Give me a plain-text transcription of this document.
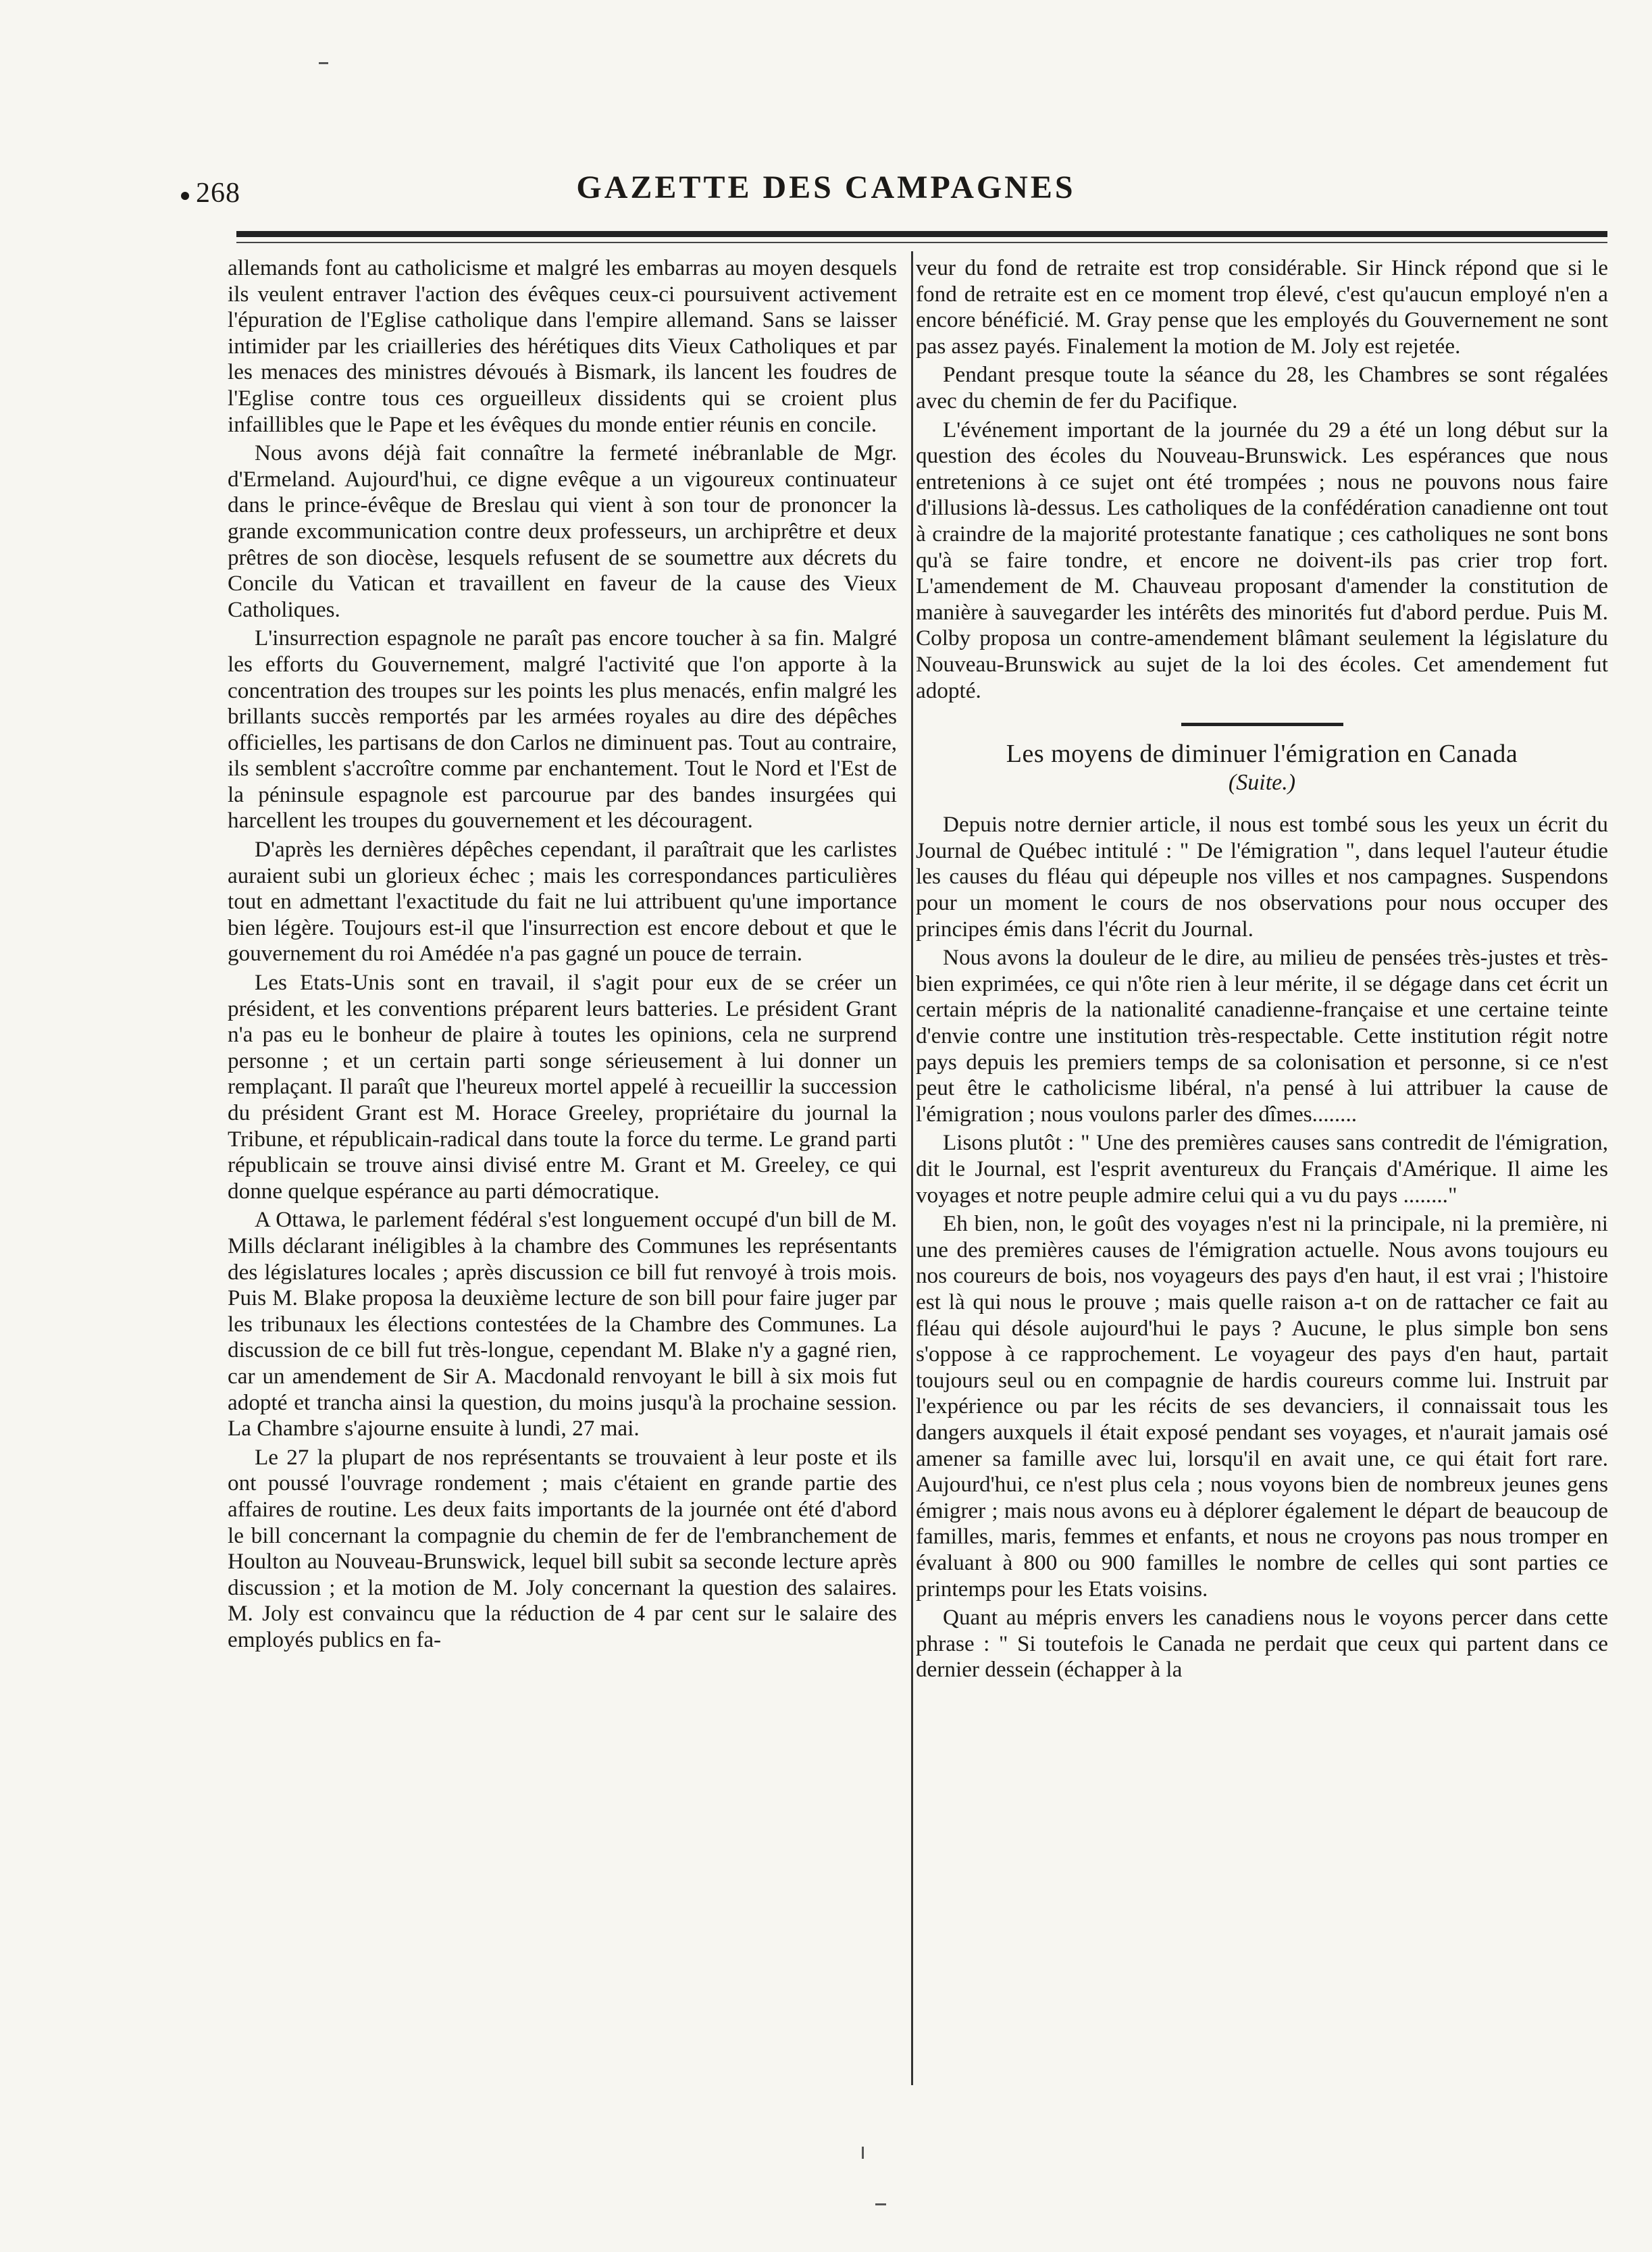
268	GAZETTE DES CAMPAGNES

allemands font au catholicisme et malgré les embarras au moyen desquels ils veulent entraver l'action des évêques ceux-ci poursuivent activement l'épuration de l'Eglise catholique dans l'empire allemand. Sans se laisser intimider par les criailleries des hérétiques dits Vieux Catholiques et par les menaces des ministres dévoués à Bismark, ils lancent les foudres de l'Eglise contre tous ces orgueilleux dissidents qui se croient plus infaillibles que le Pape et les évêques du monde entier réunis en concile.

Nous avons déjà fait connaître la fermeté inébranlable de Mgr. d'Ermeland. Aujourd'hui, ce digne evêque a un vigoureux continuateur dans le prince-évêque de Breslau qui vient à son tour de prononcer la grande excommunication contre deux professeurs, un archiprêtre et deux prêtres de son diocèse, lesquels refusent de se soumettre aux décrets du Concile du Vatican et travaillent en faveur de la cause des Vieux Catholiques.

L'insurrection espagnole ne paraît pas encore toucher à sa fin. Malgré les efforts du Gouvernement, malgré l'activité que l'on apporte à la concentration des troupes sur les points les plus menacés, enfin malgré les brillants succès remportés par les armées royales au dire des dépêches officielles, les partisans de don Carlos ne diminuent pas. Tout au contraire, ils semblent s'accroître comme par enchantement. Tout le Nord et l'Est de la péninsule espagnole est parcourue par des bandes insurgées qui harcellent les troupes du gouvernement et les découragent.

D'après les dernières dépêches cependant, il paraîtrait que les carlistes auraient subi un glorieux échec ; mais les correspondances particulières tout en admettant l'exactitude du fait ne lui attribuent qu'une importance bien légère. Toujours est-il que l'insurrection est encore debout et que le gouvernement du roi Amédée n'a pas gagné un pouce de terrain.

Les Etats-Unis sont en travail, il s'agit pour eux de se créer un président, et les conventions préparent leurs batteries. Le président Grant n'a pas eu le bonheur de plaire à toutes les opinions, cela ne surprend personne ; et un certain parti songe sérieusement à lui donner un remplaçant. Il paraît que l'heureux mortel appelé à recueillir la succession du président Grant est M. Horace Greeley, propriétaire du journal la Tribune, et républicain-radical dans toute la force du terme. Le grand parti républicain se trouve ainsi divisé entre M. Grant et M. Greeley, ce qui donne quelque espérance au parti démocratique.

A Ottawa, le parlement fédéral s'est longuement occupé d'un bill de M. Mills déclarant inéligibles à la chambre des Communes les représentants des législatures locales ; après discussion ce bill fut renvoyé à trois mois. Puis M. Blake proposa la deuxième lecture de son bill pour faire juger par les tribunaux les élections contestées de la Chambre des Communes. La discussion de ce bill fut très-longue, cependant M. Blake n'y a gagné rien, car un amendement de Sir A. Macdonald renvoyant le bill à six mois fut adopté et trancha ainsi la question, du moins jusqu'à la prochaine session. La Chambre s'ajourne ensuite à lundi, 27 mai.

Le 27 la plupart de nos représentants se trouvaient à leur poste et ils ont poussé l'ouvrage rondement ; mais c'étaient en grande partie des affaires de routine. Les deux faits importants de la journée ont été d'abord le bill concernant la compagnie du chemin de fer de l'embranchement de Houlton au Nouveau-Brunswick, lequel bill subit sa seconde lecture après discussion ; et la motion de M. Joly concernant la question des salaires. M. Joly est convaincu que la réduction de 4 par cent sur le salaire des employés publics en fa-

veur du fond de retraite est trop considérable. Sir Hinck répond que si le fond de retraite est en ce moment trop élevé, c'est qu'aucun employé n'en a encore bénéficié. M. Gray pense que les employés du Gouvernement ne sont pas assez payés. Finalement la motion de M. Joly est rejetée.

Pendant presque toute la séance du 28, les Chambres se sont régalées avec du chemin de fer du Pacifique.

L'événement important de la journée du 29 a été un long début sur la question des écoles du Nouveau-Brunswick. Les espérances que nous entretenions à ce sujet ont été trompées ; nous ne pouvons nous faire d'illusions là-dessus. Les catholiques de la confédération canadienne ont tout à craindre de la majorité protestante fanatique ; ces catholiques ne sont bons qu'à se faire tondre, et encore ne doivent-ils pas crier trop fort. L'amendement de M. Chauveau proposant d'amender la constitution de manière à sauvegarder les intérêts des minorités fut d'abord perdue. Puis M. Colby proposa un contre-amendement blâmant seulement la législature du Nouveau-Brunswick au sujet de la loi des écoles. Cet amendement fut adopté.

Les moyens de diminuer l'émigration en Canada
(Suite.)

Depuis notre dernier article, il nous est tombé sous les yeux un écrit du Journal de Québec intitulé : " De l'émigration ", dans lequel l'auteur étudie les causes du fléau qui dépeuple nos villes et nos campagnes. Suspendons pour un moment le cours de nos observations pour nous occuper des principes émis dans l'écrit du Journal.

Nous avons la douleur de le dire, au milieu de pensées très-justes et très-bien exprimées, ce qui n'ôte rien à leur mérite, il se dégage dans cet écrit un certain mépris de la nationalité canadienne-française et une certaine teinte d'envie contre une institution très-respectable. Cette institution régit notre pays depuis les premiers temps de sa colonisation et personne, si ce n'est peut être le catholicisme libéral, n'a pensé à lui attribuer la cause de l'émigration ; nous voulons parler des dîmes........

Lisons plutôt : " Une des premières causes sans contredit de l'émigration, dit le Journal, est l'esprit aventureux du Français d'Amérique. Il aime les voyages et notre peuple admire celui qui a vu du pays ........"

Eh bien, non, le goût des voyages n'est ni la principale, ni la première, ni une des premières causes de l'émigration actuelle. Nous avons toujours eu nos coureurs de bois, nos voyageurs des pays d'en haut, il est vrai ; l'histoire est là qui nous le prouve ; mais quelle raison a-t on de rattacher ce fait au fléau qui désole aujourd'hui le pays ? Aucune, le plus simple bon sens s'oppose à ce rapprochement. Le voyageur des pays d'en haut, partait toujours seul ou en compagnie de hardis coureurs comme lui. Instruit par l'expérience ou par les récits de ses devanciers, il connaissait tous les dangers auxquels il était exposé pendant ses voyages, et n'aurait jamais osé amener sa famille avec lui, lorsqu'il en avait une, ce qui était fort rare. Aujourd'hui, ce n'est plus cela ; nous voyons bien de nombreux jeunes gens émigrer ; mais nous avons eu à déplorer également le départ de beaucoup de familles, maris, femmes et enfants, et nous ne croyons pas nous tromper en évaluant à 800 ou 900 familles le nombre de celles qui sont parties ce printemps pour les Etats voisins.

Quant au mépris envers les canadiens nous le voyons percer dans cette phrase : " Si toutefois le Canada ne perdait que ceux qui partent dans ce dernier dessein (échapper à la
